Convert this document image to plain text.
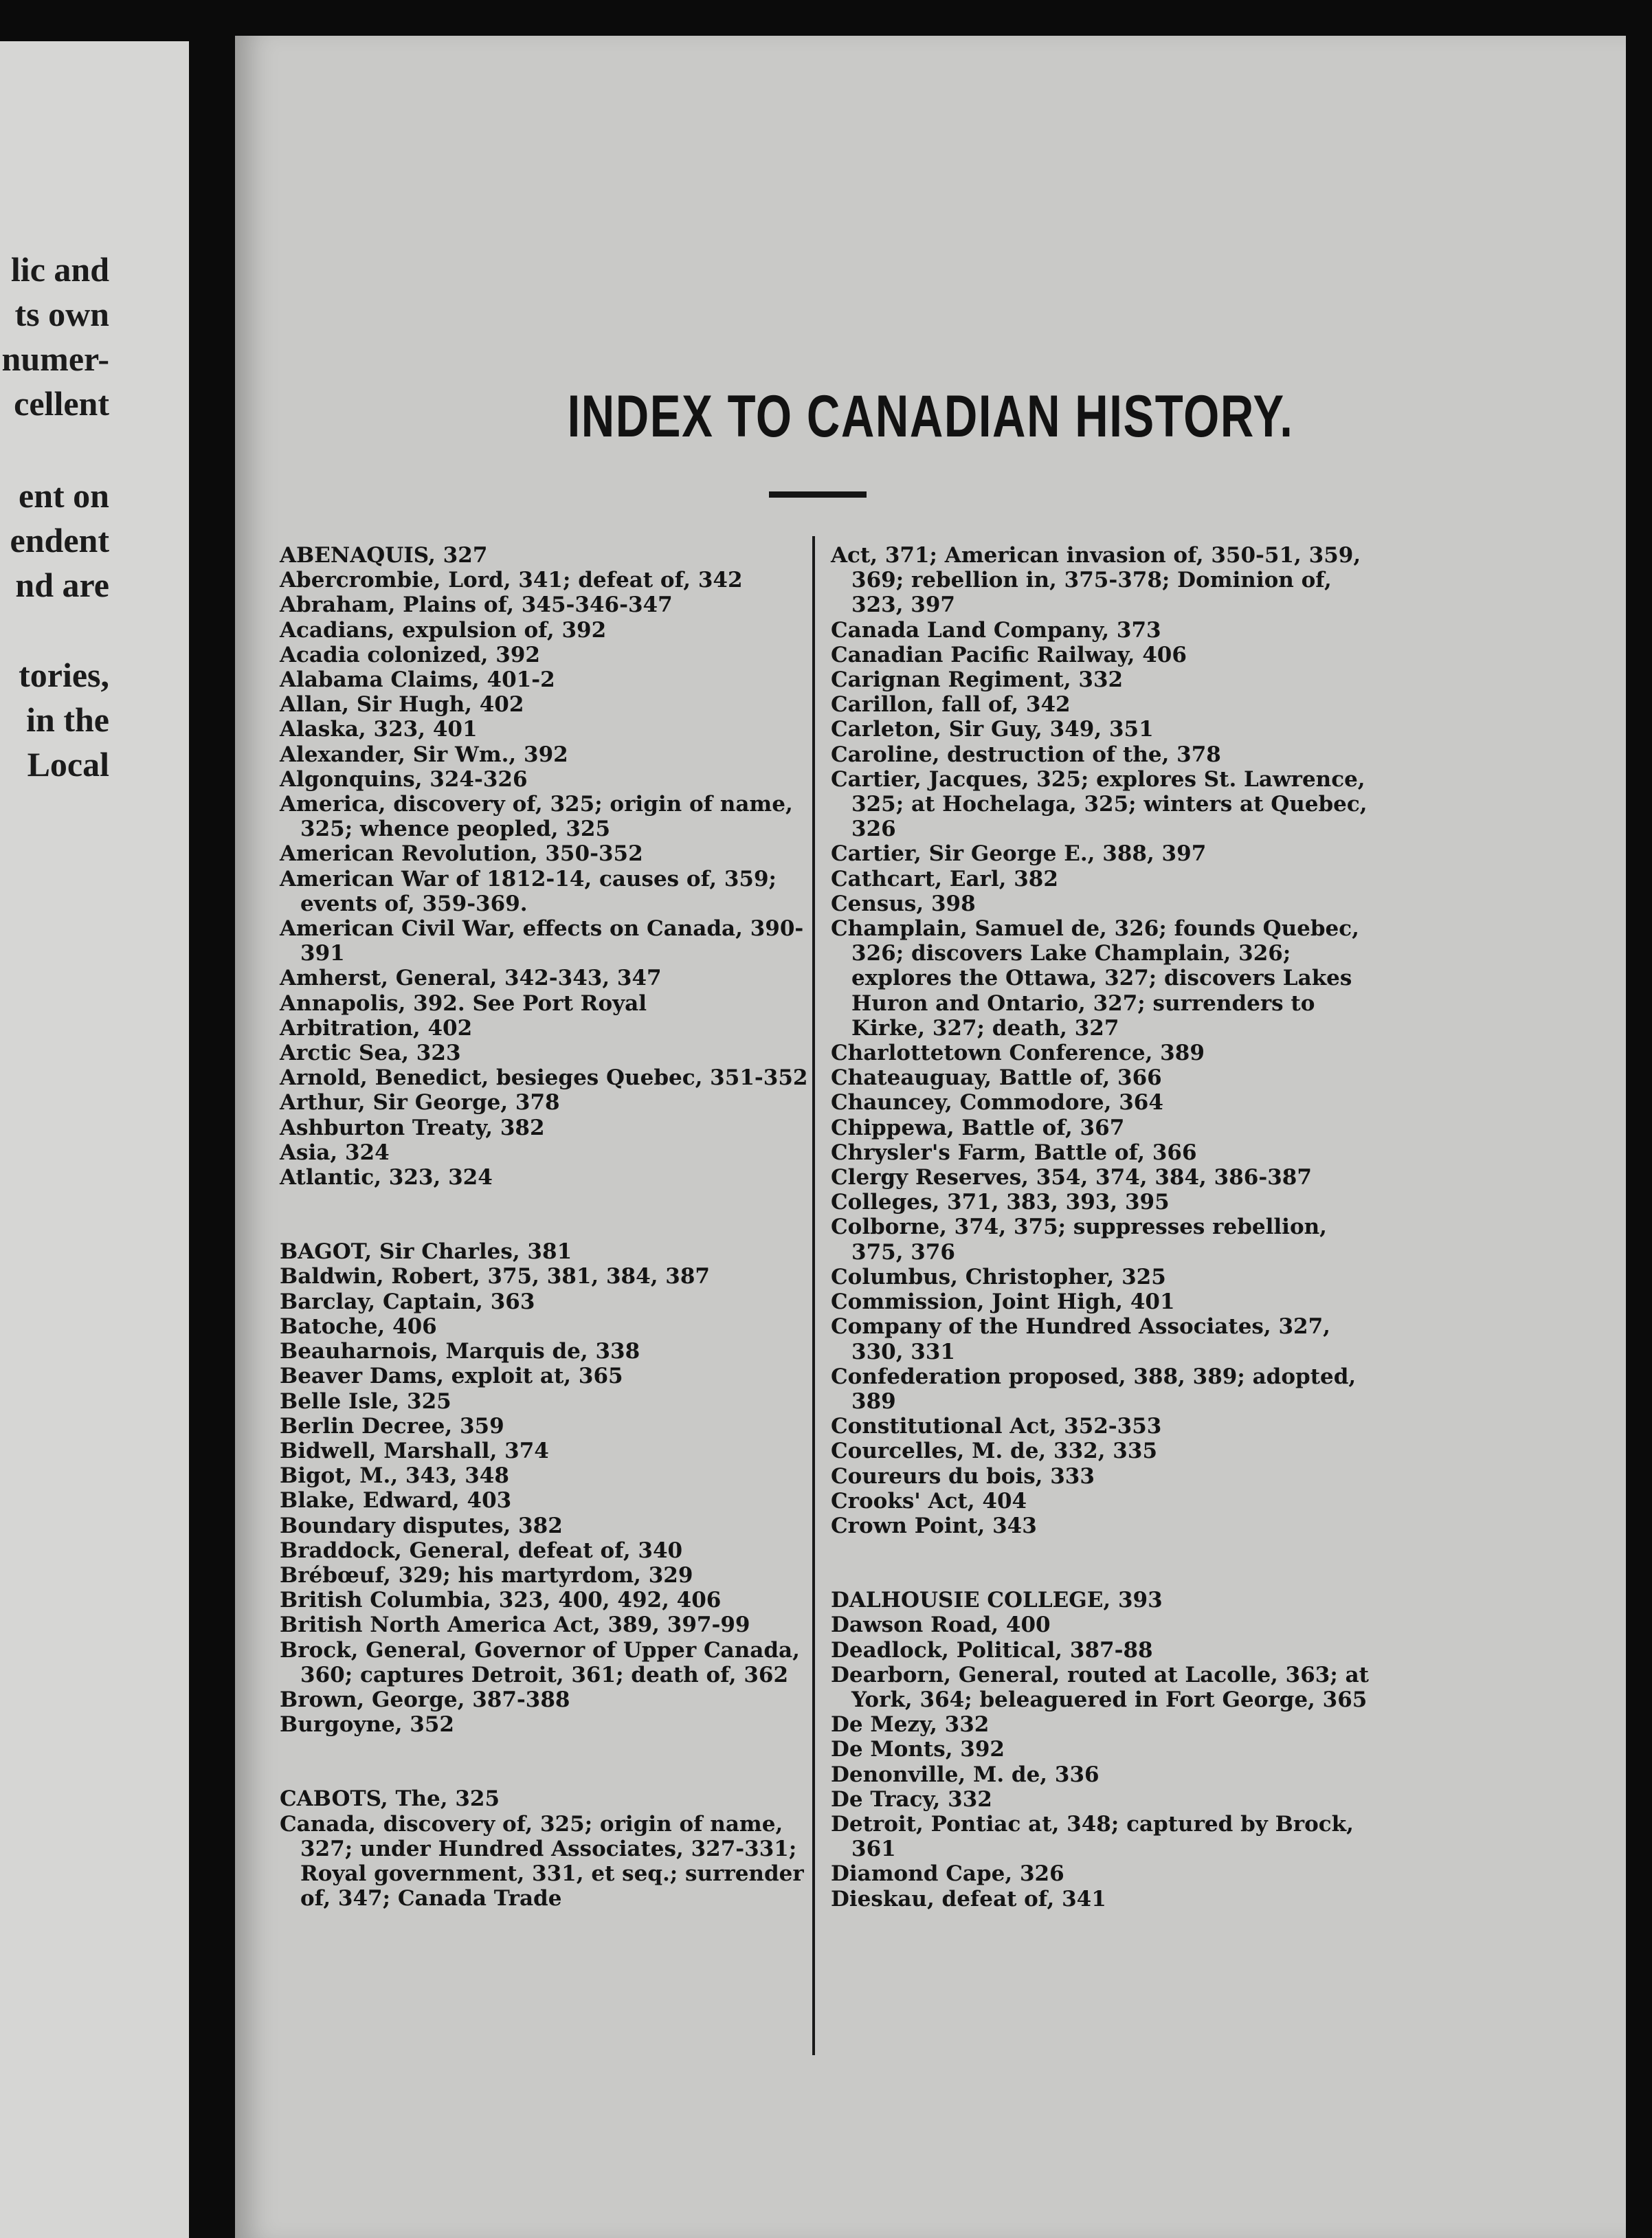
lic and
ts own
numer-
cellent
ent on
endent
nd are
tories,
in the
Local
INDEX TO CANADIAN HISTORY.
ABENAQUIS, 327
Abercrombie, Lord, 341; defeat of, 342
Abraham, Plains of, 345-346-347
Acadians, expulsion of, 392
Acadia colonized, 392
Alabama Claims, 401-2
Allan, Sir Hugh, 402
Alaska, 323, 401
Alexander, Sir Wm., 392
Algonquins, 324-326
America, discovery of, 325; origin of name, 325; whence peopled, 325
American Revolution, 350-352
American War of 1812-14, causes of, 359; events of, 359-369.
American Civil War, effects on Canada, 390-391
Amherst, General, 342-343, 347
Annapolis, 392. See Port Royal
Arbitration, 402
Arctic Sea, 323
Arnold, Benedict, besieges Quebec, 351-352
Arthur, Sir George, 378
Ashburton Treaty, 382
Asia, 324
Atlantic, 323, 324
BAGOT, Sir Charles, 381
Baldwin, Robert, 375, 381, 384, 387
Barclay, Captain, 363
Batoche, 406
Beauharnois, Marquis de, 338
Beaver Dams, exploit at, 365
Belle Isle, 325
Berlin Decree, 359
Bidwell, Marshall, 374
Bigot, M., 343, 348
Blake, Edward, 403
Boundary disputes, 382
Braddock, General, defeat of, 340
Brébœuf, 329; his martyrdom, 329
British Columbia, 323, 400, 492, 406
British North America Act, 389, 397-99
Brock, General, Governor of Upper Canada, 360; captures Detroit, 361; death of, 362
Brown, George, 387-388
Burgoyne, 352
CABOTS, The, 325
Canada, discovery of, 325; origin of name, 327; under Hundred Associates, 327-331; Royal government, 331, et seq.; surrender of, 347; Canada Trade
Act, 371; American invasion of, 350-51, 359, 369; rebellion in, 375-378; Dominion of, 323, 397
Canada Land Company, 373
Canadian Pacific Railway, 406
Carignan Regiment, 332
Carillon, fall of, 342
Carleton, Sir Guy, 349, 351
Caroline, destruction of the, 378
Cartier, Jacques, 325; explores St. Lawrence, 325; at Hochelaga, 325; winters at Quebec, 326
Cartier, Sir George E., 388, 397
Cathcart, Earl, 382
Census, 398
Champlain, Samuel de, 326; founds Quebec, 326; discovers Lake Champlain, 326; explores the Ottawa, 327; discovers Lakes Huron and Ontario, 327; surrenders to Kirke, 327; death, 327
Charlottetown Conference, 389
Chateauguay, Battle of, 366
Chauncey, Commodore, 364
Chippewa, Battle of, 367
Chrysler's Farm, Battle of, 366
Clergy Reserves, 354, 374, 384, 386-387
Colleges, 371, 383, 393, 395
Colborne, 374, 375; suppresses rebellion, 375, 376
Columbus, Christopher, 325
Commission, Joint High, 401
Company of the Hundred Associates, 327, 330, 331
Confederation proposed, 388, 389; adopted, 389
Constitutional Act, 352-353
Courcelles, M. de, 332, 335
Coureurs du bois, 333
Crooks' Act, 404
Crown Point, 343
DALHOUSIE COLLEGE, 393
Dawson Road, 400
Deadlock, Political, 387-88
Dearborn, General, routed at Lacolle, 363; at York, 364; beleaguered in Fort George, 365
De Mezy, 332
De Monts, 392
Denonville, M. de, 336
De Tracy, 332
Detroit, Pontiac at, 348; captured by Brock, 361
Diamond Cape, 326
Dieskau, defeat of, 341
